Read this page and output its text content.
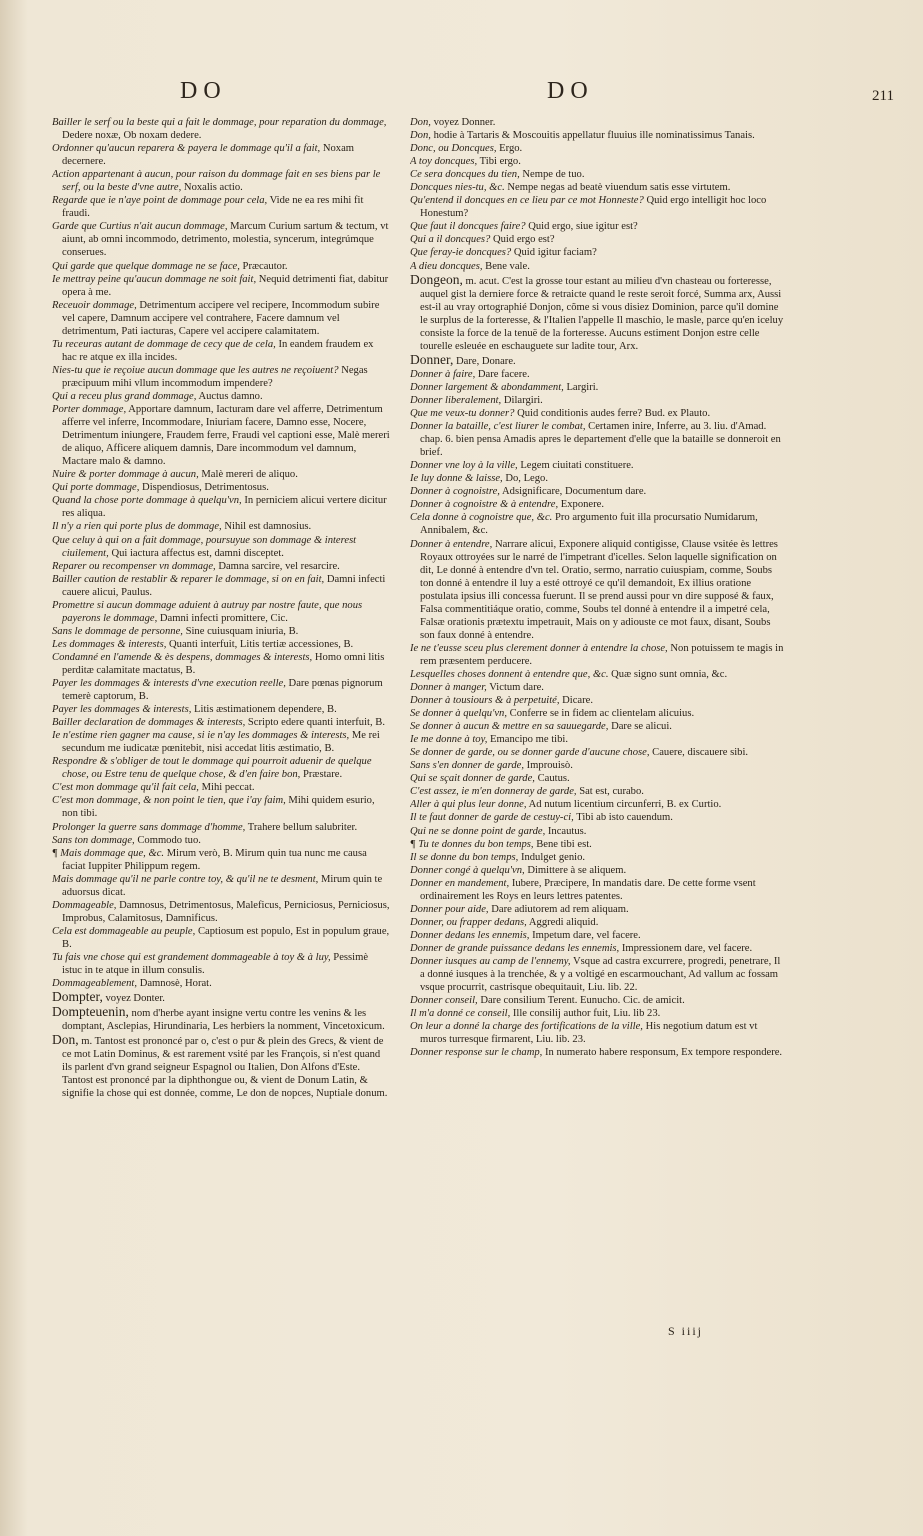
DO	DO	211

Bailler le serf ou la beste qui a fait le dommage, pour reparation du dommage, Dedere noxæ, Ob noxam dedere.

Ordonner qu'aucun reparera & payera le dommage qu'il a fait, Noxam decernere.

Action appartenant à aucun, pour raison du dommage fait en ses biens par le serf, ou la beste d'vne autre, Noxalis actio.

Regarde que ie n'aye point de dommage pour cela, Vide ne ea res mihi fit fraudi.

Garde que Curtius n'ait aucun dommage, Marcum Curium sartum & tectum, vt aiunt, ab omni incommodo, detrimento, molestia, syncerum, integrúmque conserues.

Qui garde que quelque dommage ne se face, Præcautor.

Ie mettray peine qu'aucun dommage ne soit fait, Nequid detrimenti fiat, dabitur opera à me.

Receuoir dommage, Detrimentum accipere vel recipere, Incommodum subire vel capere, Damnum accipere vel contrahere, Facere damnum vel detrimentum, Pati iacturas, Capere vel accipere calamitatem.

Tu receuras autant de dommage de cecy que de cela, In eandem fraudem ex hac re atque ex illa incides.

Nies-tu que ie reçoiue aucun dommage que les autres ne reçoiuent? Negas præcipuum mihi vllum incommodum impendere?

Qui a receu plus grand dommage, Auctus damno.

Porter dommage, Apportare damnum, Iacturam dare vel afferre, Detrimentum afferre vel inferre, Incommodare, Iniuriam facere, Damno esse, Nocere, Detrimentum iniungere, Fraudem ferre, Fraudi vel captioni esse, Malè mereri de aliquo, Afficere aliquem damnis, Dare incommodum vel damnum, Mactare malo & damno.

Nuire & porter dommage à aucun, Malè mereri de aliquo.

Qui porte dommage, Dispendiosus, Detrimentosus.

Quand la chose porte dommage à quelqu'vn, In perniciem alicui vertere dicitur res aliqua.

Il n'y a rien qui porte plus de dommage, Nihil est damnosius.

Que celuy à qui on a fait dommage, poursuyue son dommage & interest ciuilement, Qui iactura affectus est, damni disceptet.

Reparer ou recompenser vn dommage, Damna sarcire, vel resarcire.

Bailler caution de restablir & reparer le dommage, si on en fait, Damni infecti cauere alicui, Paulus.

Promettre si aucun dommage aduient à autruy par nostre faute, que nous payerons le dommage, Damni infecti promittere, Cic.

Sans le dommage de personne, Sine cuiusquam iniuria, B.

Les dommages & interests, Quanti interfuit, Litis tertiæ accessiones, B.

Condamné en l'amende & ès despens, dommages & interests, Homo omni litis perditæ calamitate mactatus, B.

Payer les dommages & interests d'vne execution reelle, Dare pœnas pignorum temerè captorum, B.

Payer les dommages & interests, Litis æstimationem dependere, B.

Bailler declaration de dommages & interests, Scripto edere quanti interfuit, B.

Ie n'estime rien gagner ma cause, si ie n'ay les dommages & interests, Me rei secundum me iudicatæ pœnitebit, nisi accedat litis æstimatio, B.

Respondre & s'obliger de tout le dommage qui pourroit aduenir de quelque chose, ou Estre tenu de quelque chose, & d'en faire bon, Præstare.

C'est mon dommage qu'il fait cela, Mihi peccat.

C'est mon dommage, & non point le tien, que i'ay faim, Mihi quidem esurio, non tibi.

Prolonger la guerre sans dommage d'homme, Trahere bellum salubriter.

Sans ton dommage, Commodo tuo.

¶ Mais dommage que, &c. Mirum verò, B. Mirum quin tua nunc me causa faciat Iuppiter Philippum regem.

Mais dommage qu'il ne parle contre toy, & qu'il ne te desment, Mirum quin te aduorsus dicat.

Dommageable, Damnosus, Detrimentosus, Maleficus, Perniciosus, Perniciosus, Improbus, Calamitosus, Damnificus.

Cela est dommageable au peuple, Captiosum est populo, Est in populum graue, B.

Tu fais vne chose qui est grandement dommageable à toy & à luy, Pessimè istuc in te atque in illum consulis.

Dommageablement, Damnosè, Horat.

Dompter, voyez Donter.

Dompteuenin, nom d'herbe ayant insigne vertu contre les venins & les domptant, Asclepias, Hirundinaria, Les herbiers la nomment, Vincetoxicum.

Don, m. Tantost est prononcé par o, c'est o pur & plein des Grecs, & vient de ce mot Latin Dominus, & est rarement vsité par les François, si n'est quand ils parlent d'vn grand seigneur Espagnol ou Italien, Don Alfons d'Este. Tantost est prononcé par la diphthongue ou, & vient de Donum Latin, & signifie la chose qui est donnée, comme, Le don de nopces, Nuptiale donum.

Don, voyez Donner.

Don, hodie à Tartaris & Moscouitis appellatur fluuius ille nominatissimus Tanais.

Donc, ou Doncques, Ergo.

A toy doncques, Tibi ergo.

Ce sera doncques du tien, Nempe de tuo.

Doncques nies-tu, &c. Nempe negas ad beatè viuendum satis esse virtutem.

Qu'entend il doncques en ce lieu par ce mot Honneste? Quid ergo intelligit hoc loco Honestum?

Que faut il doncques faire? Quid ergo, siue igitur est?

Qui a il doncques? Quid ergo est?

Que feray-ie doncques? Quid igitur faciam?

A dieu doncques, Bene vale.

Dongeon, m. acut. C'est la grosse tour estant au milieu d'vn chasteau ou forteresse, auquel gist la derniere force & retraicte quand le reste seroit forcé, Summa arx, Aussi est-il au vray ortographié Donjon, cõme si vous disiez Dominion, parce qu'il domine le surplus de la forteresse, & l'Italien l'appelle Il maschio, le masle, parce qu'en iceluy consiste la force de la tenuë de la forteresse. Aucuns estiment Donjon estre celle tourelle esleuée en eschauguete sur ladite tour, Arx.

Donner, Dare, Donare.

Donner à faire, Dare facere.

Donner largement & abondamment, Largiri.

Donner liberalement, Dilargiri.

Que me veux-tu donner? Quid conditionis audes ferre? Bud. ex Plauto.

Donner la bataille, c'est liurer le combat, Certamen inire, Inferre, au 3. liu. d'Amad. chap. 6. bien pensa Amadis apres le departement d'elle que la bataille se donneroit en brief.

Donner vne loy à la ville, Legem ciuitati constituere.

Ie luy donne & laisse, Do, Lego.

Donner à cognoistre, Adsignificare, Documentum dare.

Donner à cognoistre & à entendre, Exponere.

Cela donne à cognoistre que, &c. Pro argumento fuit illa procursatio Numidarum, Annibalem, &c.

Donner à entendre, Narrare alicui, Exponere aliquid contigisse, Clause vsitée ès lettres Royaux ottroyées sur le narré de l'impetrant d'icelles. Selon laquelle signification on dit, Le donné à entendre d'vn tel. Oratio, sermo, narratio cuiuspiam, comme, Soubs ton donné à entendre il luy a esté ottroyé ce qu'il demandoit, Ex illius oratione postulata ipsius illi concessa fuerunt. Il se prend aussi pour vn dire supposé & faux, Falsa commentitiáque oratio, comme, Soubs tel donné à entendre il a impetré cela, Falsæ orationis prætextu impetrauit, Mais on y adiouste ce mot faux, disant, Soubs son faux donné à entendre.

Ie ne t'eusse sceu plus clerement donner à entendre la chose, Non potuissem te magis in rem præsentem perducere.

Lesquelles choses donnent à entendre que, &c. Quæ signo sunt omnia, &c.

Donner à manger, Victum dare.

Donner à tousiours & à perpetuité, Dicare.

Se donner à quelqu'vn, Conferre se in fidem ac clientelam alicuius.

Se donner à aucun & mettre en sa sauuegarde, Dare se alicui.

Ie me donne à toy, Emancipo me tibi.

Se donner de garde, ou se donner garde d'aucune chose, Cauere, discauere sibi.

Sans s'en donner de garde, Improuisò.

Qui se sçait donner de garde, Cautus.

C'est assez, ie m'en donneray de garde, Sat est, curabo.

Aller à qui plus leur donne, Ad nutum licentium circunferri, B. ex Curtio.

Il te faut donner de garde de cestuy-ci, Tibi ab isto cauendum.

Qui ne se donne point de garde, Incautus.

¶ Tu te donnes du bon temps, Bene tibi est.

Il se donne du bon temps, Indulget genio.

Donner congé à quelqu'vn, Dimittere à se aliquem.

Donner en mandement, Iubere, Præcipere, In mandatis dare. De cette forme vsent ordinairement les Roys en leurs lettres patentes.

Donner pour aide, Dare adiutorem ad rem aliquam.

Donner, ou frapper dedans, Aggredi aliquid.

Donner dedans les ennemis, Impetum dare, vel facere.

Donner de grande puissance dedans les ennemis, Impressionem dare, vel facere.

Donner iusques au camp de l'ennemy, Vsque ad castra excurrere, progredi, penetrare, Il a donné iusques à la trenchée, & y a voltigé en escarmouchant, Ad vallum ac fossam vsque procurrit, castrisque obequitauit, Liu. lib. 22.

Donner conseil, Dare consilium Terent. Eunucho. Cic. de amicit.

Il m'a donné ce conseil, Ille consilij author fuit, Liu. lib 23.

On leur a donné la charge des fortifications de la ville, His negotium datum est vt muros turresque firmarent, Liu. lib. 23.

Donner response sur le champ, In numerato habere responsum, Ex tempore respondere.

S iiij
